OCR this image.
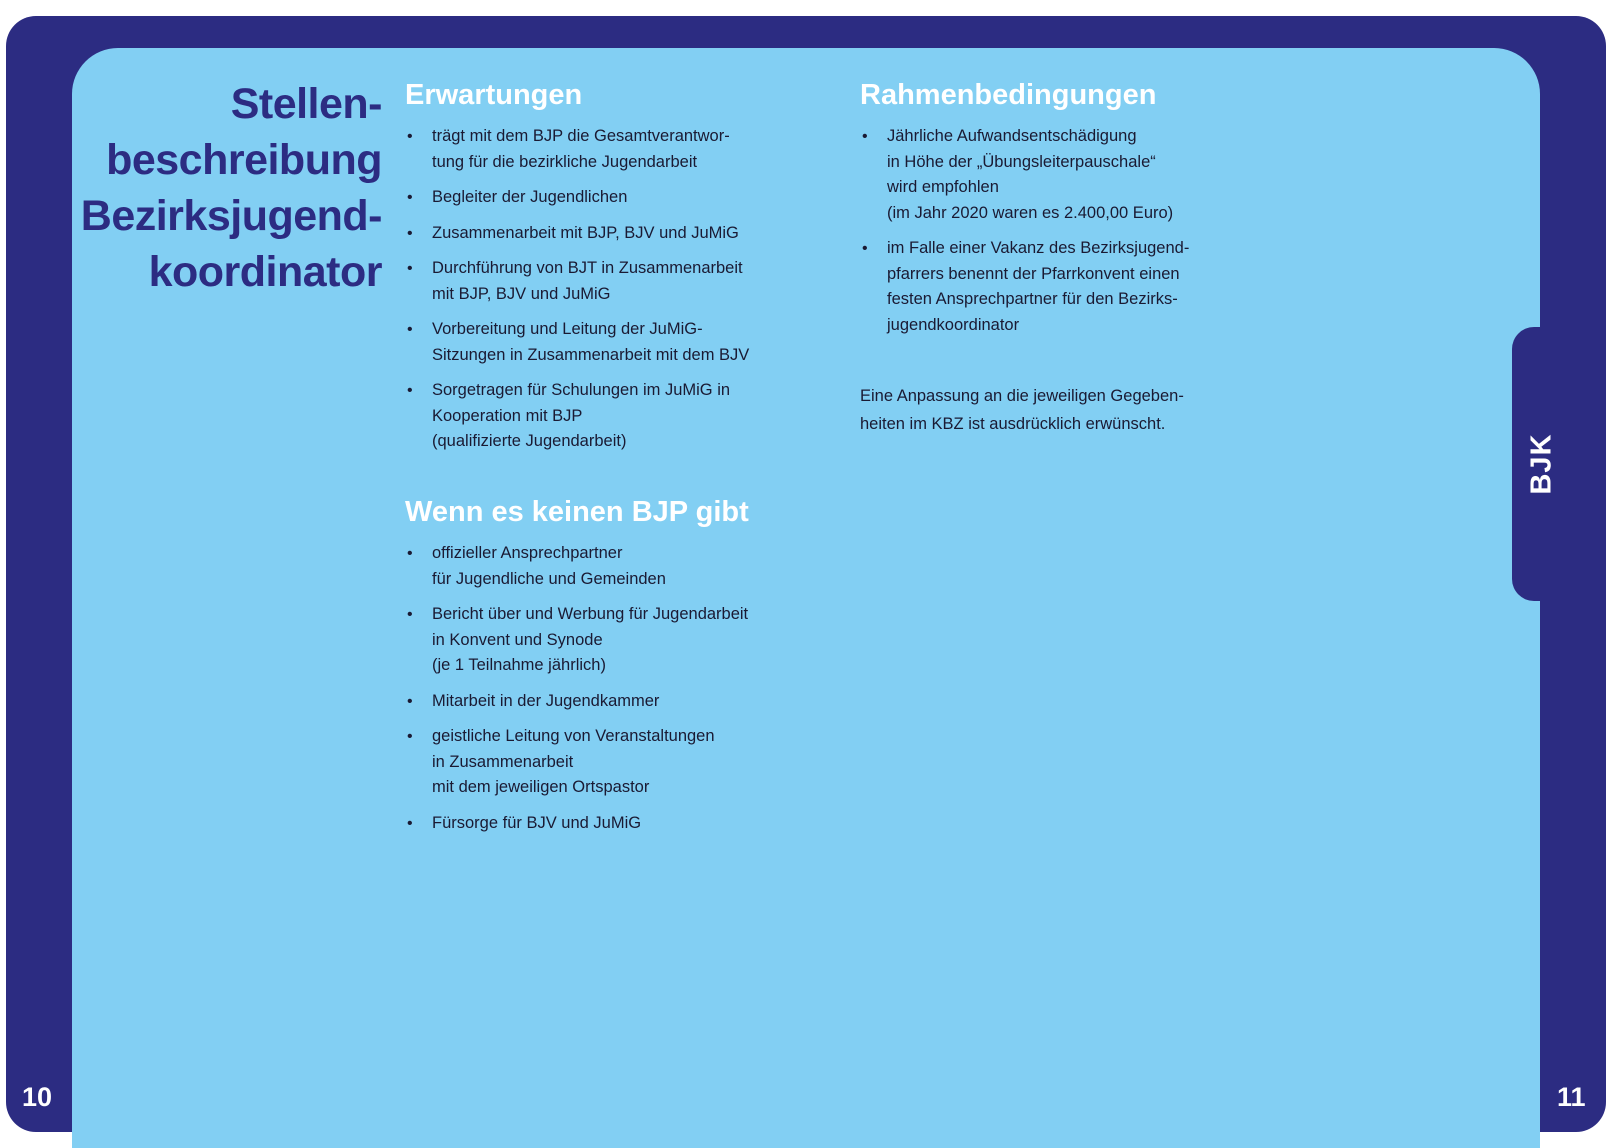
BJK
10	11
Stellen-
beschreibung
Bezirksjugend-
koordinator
Erwartungen
• trägt mit dem BJP die Gesamtverantwor-
tung für die bezirkliche Jugendarbeit
• Begleiter der Jugendlichen
• Zusammenarbeit mit BJP, BJV und JuMiG
• Durchführung von BJT in Zusammenarbeit
mit BJP, BJV und JuMiG
• Vorbereitung und Leitung der JuMiG-
Sitzungen in Zusammenarbeit mit dem BJV
• Sorgetragen für Schulungen im JuMiG in
Kooperation mit BJP
(qualifizierte Jugendarbeit)
Wenn es keinen BJP gibt
• offizieller Ansprechpartner
für Jugendliche und Gemeinden
• Bericht über und Werbung für Jugendarbeit
in Konvent und Synode
(je 1 Teilnahme jährlich)
• Mitarbeit in der Jugendkammer
• geistliche Leitung von Veranstaltungen
in Zusammenarbeit
mit dem jeweiligen Ortspastor
• Fürsorge für BJV und JuMiG
Rahmenbedingungen
• Jährliche Aufwandsentschädigung
in Höhe der „Übungsleiterpauschale“
wird empfohlen
(im Jahr 2020 waren es 2.400,00 Euro)
• im Falle einer Vakanz des Bezirksjugend-
pfarrers benennt der Pfarrkonvent einen
festen Ansprechpartner für den Bezirks-
jugendkoordinator
Eine Anpassung an die jeweiligen Gegeben-
heiten im KBZ ist ausdrücklich erwünscht.
